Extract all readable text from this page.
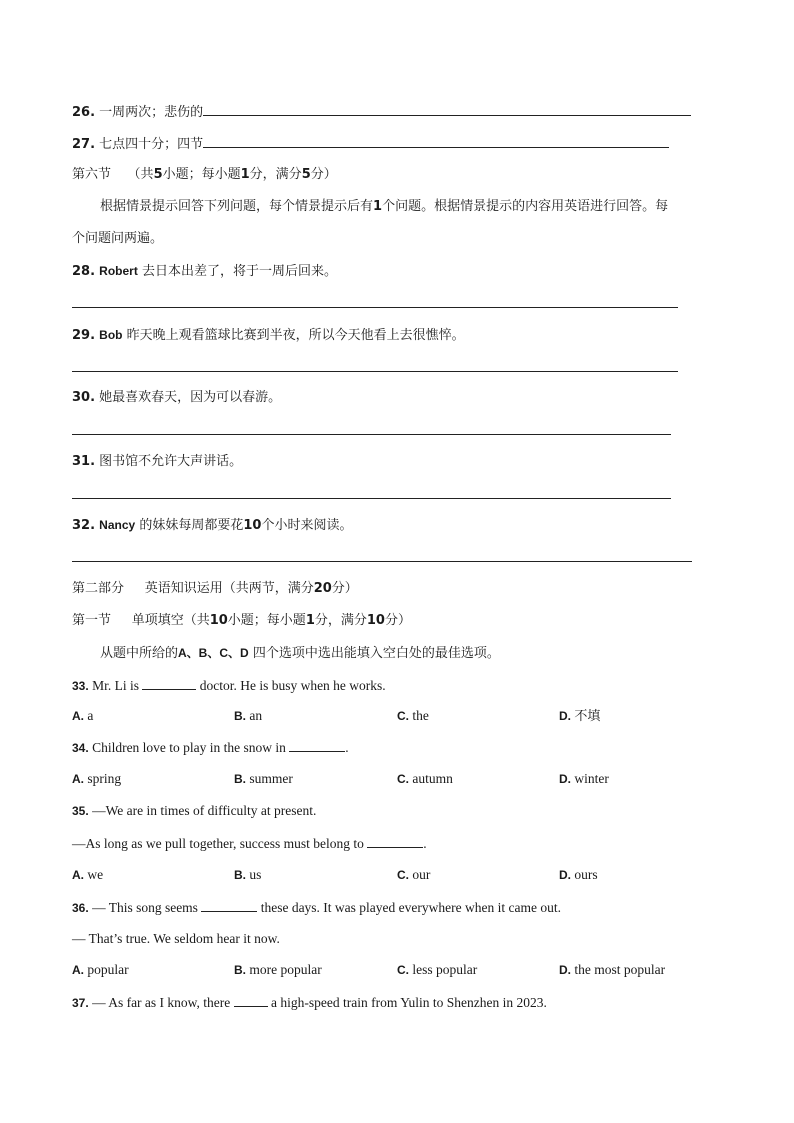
26. 一周两次；悲伤的
27. 七点四十分；四节
第六节 （共5小题；每小题1分，满分5分）
根据情景提示回答下列问题，每个情景提示后有1个问题。根据情景提示的内容用英语进行回答。每
个问题问两遍。
28. Robert 去日本出差了，将于一周后回来。
29. Bob 昨天晚上观看篮球比赛到半夜，所以今天他看上去很憔悴。
30. 她最喜欢春天，因为可以春游。
31. 图书馆不允许大声讲话。
32. Nancy 的妹妹每周都要花10个小时来阅读。
第二部分 英语知识运用（共两节，满分20分）
第一节 单项填空（共10小题；每小题1分，满分10分）
从题中所给的A、B、C、D 四个选项中选出能填入空白处的最佳选项。
33. Mr. Li is	doctor. He is busy when he works.
A. a	B. an	C. the	D. 不填
34. Children love to play in the snow in	.
A. spring	B. summer	C. autumn	D. winter
35. —We are in times of difficulty at present.
—As long as we pull together, success must belong to	.
A. we	B. us	C. our	D. ours
36. — This song seems	these days. It was played everywhere when it came out.
— That’s true. We seldom hear it now.
A. popular	B. more popular	C. less popular	D. the most popular
37. — As far as I know, there	a high-speed train from Yulin to Shenzhen in 2023.
